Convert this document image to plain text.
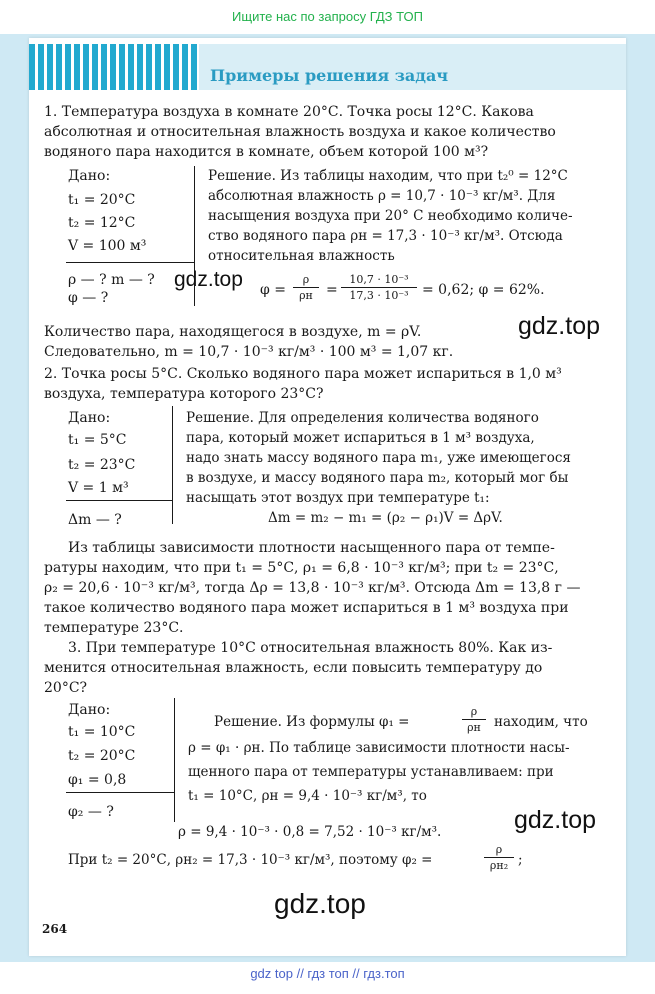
Ищите нас по запросу ГДЗ ТОП
Примеры решения задач
1. Температура воздуха в комнате 20°С. Точка росы 12°С. Какова
абсолютная и относительная влажность воздуха и какое количество
водяного пара находится в комнате, объем которой 100 м³?
Дано:
t₁ = 20°C
t₂ = 12°C
V = 100 м³
ρ — ? m — ?
φ — ?
Решение. Из таблицы находим, что при t₂⁰ = 12°C
абсолютная влажность ρ = 10,7 · 10⁻³ кг/м³. Для
насыщения воздуха при 20° С необходимо количе-
ство водяного пара ρн = 17,3 · 10⁻³ кг/м³. Отсюда
относительная влажность
φ =
ρ
ρн =
10,7 · 10⁻³
17,3 · 10⁻³ = 0,62; φ = 62%.
Количество пара, находящегося в воздухе, m = ρV.
Следовательно, m = 10,7 · 10⁻³ кг/м³ · 100 м³ = 1,07 кг.
2. Точка росы 5°С. Сколько водяного пара может испариться в 1,0 м³
воздуха, температура которого 23°С?
Дано:
t₁ = 5°C
t₂ = 23°C
V = 1 м³
Δm — ?
Решение. Для определения количества водяного
пара, который может испариться в 1 м³ воздуха,
надо знать массу водяного пара m₁, уже имеющегося
в воздухе, и массу водяного пара m₂, который мог бы
насыщать этот воздух при температуре t₁:
Δm = m₂ − m₁ = (ρ₂ − ρ₁)V = ΔρV.
Из таблицы зависимости плотности насыщенного пара от темпе-
ратуры находим, что при t₁ = 5°С, ρ₁ = 6,8 · 10⁻³ кг/м³; при t₂ = 23°С,
ρ₂ = 20,6 · 10⁻³ кг/м³, тогда Δρ = 13,8 · 10⁻³ кг/м³. Отсюда Δm = 13,8 г —
такое количество водяного пара может испариться в 1 м³ воздуха при
температуре 23°С.
3. При температуре 10°С относительная влажность 80%. Как из-
менится относительная влажность, если повысить температуру до
20°С?
Дано:
t₁ = 10°C
t₂ = 20°C
φ₁ = 0,8
φ₂ — ?
Решение. Из формулы φ₁ =
ρ
ρн находим, что
ρ = φ₁ · ρн. По таблице зависимости плотности насы-
щенного пара от температуры устанавливаем: при
t₁ = 10°С, ρн = 9,4 · 10⁻³ кг/м³, то
ρ = 9,4 · 10⁻³ · 0,8 = 7,52 · 10⁻³ кг/м³.
При t₂ = 20°С, ρн₂ = 17,3 · 10⁻³ кг/м³, поэтому φ₂ =
ρ
ρн₂ ;
gdz.top
gdz.top
gdz.top
gdz.top
264
gdz top // гдз топ // гдз.топ
